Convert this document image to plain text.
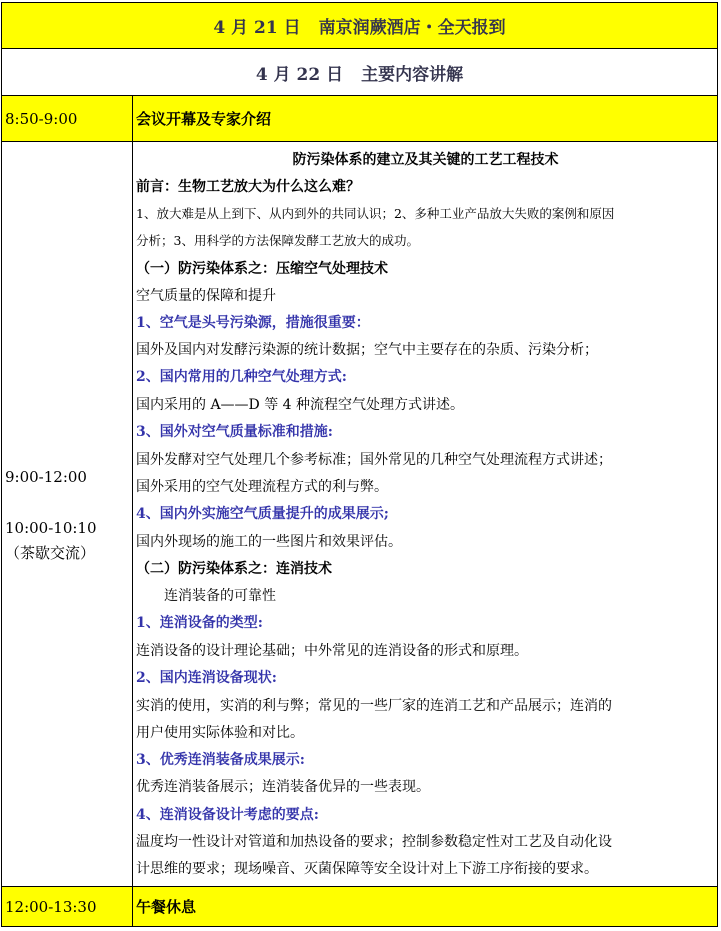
4 月 21 日 南京润蕨酒店・全天报到
4 月 22 日 主要内容讲解
8:50-9:00	会议开幕及专家介绍
9:00-12:00
10:00-10:10
（茶歇交流）
防污染体系的建立及其关键的工艺工程技术
前言：生物工艺放大为什么这么难？
1、放大难是从上到下、从内到外的共同认识；2、多种工业产品放大失败的案例和原因
分析；3、用科学的方法保障发酵工艺放大的成功。
（一）防污染体系之：压缩空气处理技术
空气质量的保障和提升
1、空气是头号污染源，措施很重要：
国外及国内对发酵污染源的统计数据；空气中主要存在的杂质、污染分析；
2、国内常用的几种空气处理方式:
国内采用的 A——D 等 4 种流程空气处理方式讲述。
3、国外对空气质量标准和措施:
国外发酵对空气处理几个参考标准；国外常见的几种空气处理流程方式讲述；
国外采用的空气处理流程方式的利与弊。
4、国内外实施空气质量提升的成果展示;
国内外现场的施工的一些图片和效果评估。
（二）防污染体系之：连消技术
连消装备的可靠性
1、连消设备的类型:
连消设备的设计理论基础；中外常见的连消设备的形式和原理。
2、国内连消设备现状:
实消的使用，实消的利与弊；常见的一些厂家的连消工艺和产品展示；连消的
用户使用实际体验和对比。
3、优秀连消装备成果展示:
优秀连消装备展示；连消装备优异的一些表现。
4、连消设备设计考虑的要点:
温度均一性设计对管道和加热设备的要求；控制参数稳定性对工艺及自动化设
计思维的要求；现场噪音、灭菌保障等安全设计对上下游工序衔接的要求。
12:00-13:30	午餐休息
